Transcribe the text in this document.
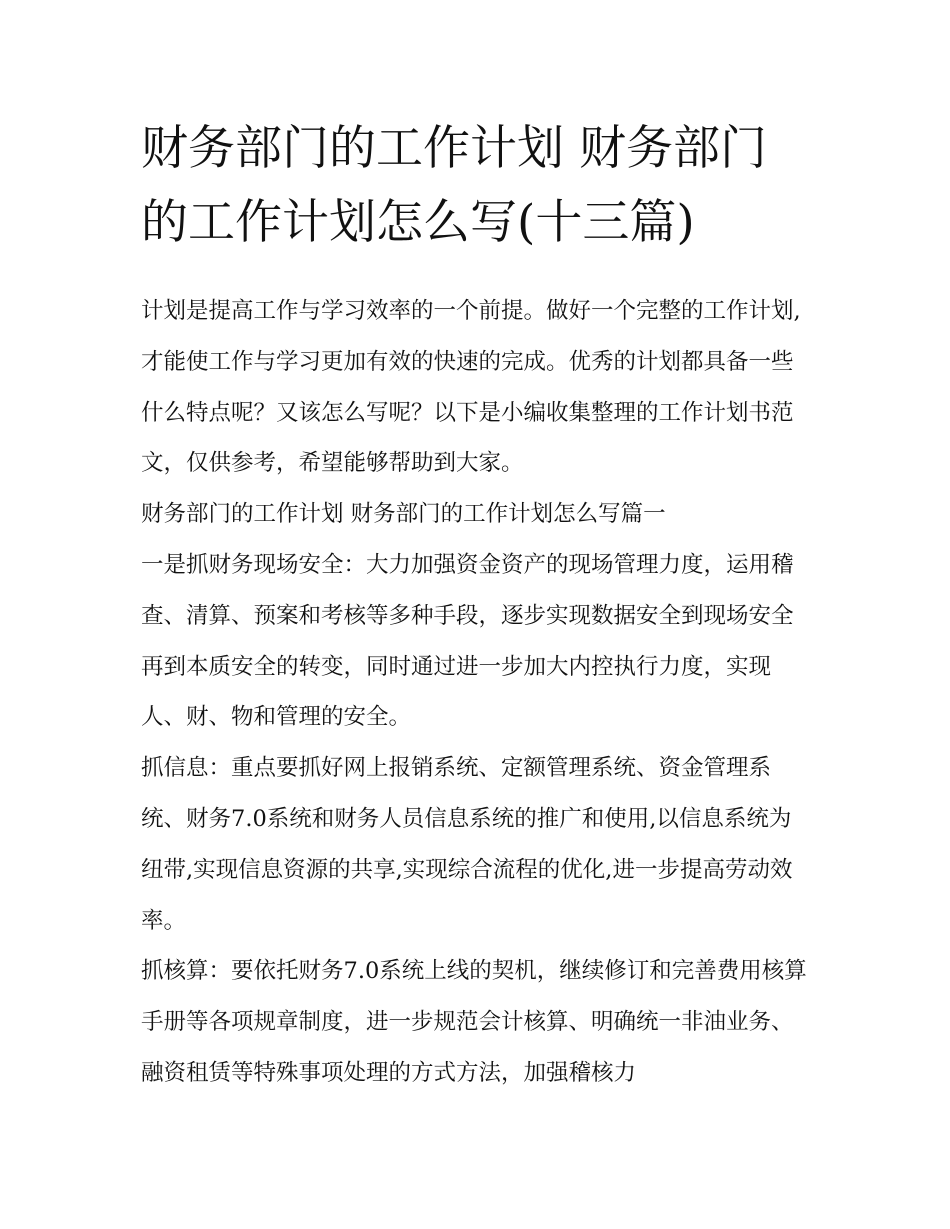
财务部门的工作计划 财务部门的工作计划怎么写(十三篇)

计划是提高工作与学习效率的一个前提。做好一个完整的工作计划,才能使工作与学习更加有效的快速的完成。优秀的计划都具备一些什么特点呢？又该怎么写呢？以下是小编收集整理的工作计划书范文，仅供参考，希望能够帮助到大家。

财务部门的工作计划 财务部门的工作计划怎么写篇一

一是抓财务现场安全：大力加强资金资产的现场管理力度，运用稽查、清算、预案和考核等多种手段，逐步实现数据安全到现场安全再到本质安全的转变，同时通过进一步加大内控执行力度，实现人、财、物和管理的安全。

抓信息：重点要抓好网上报销系统、定额管理系统、资金管理系统、财务7.0系统和财务人员信息系统的推广和使用,以信息系统为纽带,实现信息资源的共享,实现综合流程的优化,进一步提高劳动效率。

抓核算：要依托财务7.0系统上线的契机，继续修订和完善费用核算手册等各项规章制度，进一步规范会计核算、明确统一非油业务、融资租赁等特殊事项处理的方式方法，加强稽核力
